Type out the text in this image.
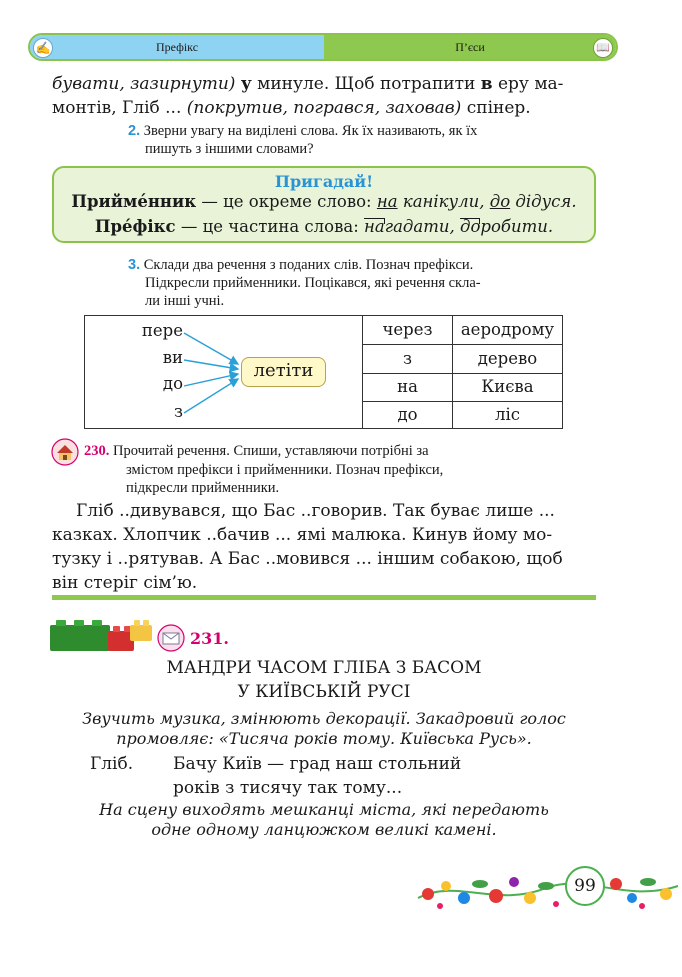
✍	Префікс	П’єси	📖
бувати, зазирнути) у минуле. Щоб потрапити в еру ма-
монтів, Гліб ... (покрутив, погрався, заховав) спінер.
2. Зверни увагу на виділені слова. Як їх називають, як їх
пишуть з іншими словами?
Пригадай!
Приймéнник — це окреме слово: на канікули, до дідуся.
Пре́фікс — це частина слова: нагадати, доробити.
3. Склади два речення з поданих слів. Познач префікси.
Підкресли прийменники. Поцікався, які речення скла-
ли інші учні.
пере
ви
до
з
летіти
через	аеродрому
з	дерево
на	Києва
до	ліс
230. Прочитай речення. Спиши, уставляючи потрібні за
змістом префікси і прийменники. Познач префікси,
підкресли прийменники.
Гліб ..дивувався, що Бас ..говорив. Так буває лише ...
казках. Хлопчик ..бачив ... ямі малюка. Кинув йому мо-
тузку і ..рятував. А Бас ..мовився ... іншим собакою, щоб
він стеріг сім’ю.
231.
МАНДРИ ЧАСОМ ГЛІБА З БАСОМ
У КИЇВСЬКІЙ РУСІ
Звучить музика, змінюють декорації. Закадровий голос
промовляє: «Тисяча років тому. Київська Русь».
Гліб.	Бачу Київ — град наш стольний
років з тисячу так тому...
На сцену виходять мешканці міста, які передають
одне одному ланцюжком великі камені.
99
